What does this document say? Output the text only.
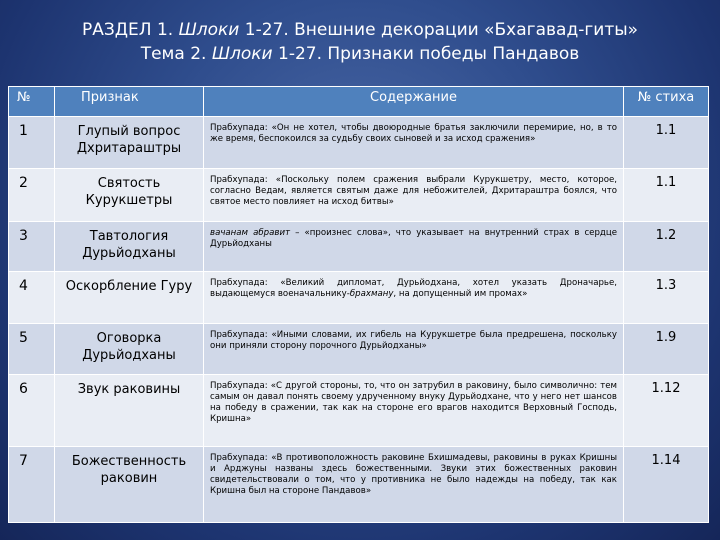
РАЗДЕЛ 1. Шлоки 1-27. Внешние декорации «Бхагавад-гиты»
Тема 2. Шлоки 1-27. Признаки победы Пандавов
№	Признак	Содержание	№ стиха
1	Глупый вопрос Дхритараштры	Прабхупада: «Он не хотел, чтобы двоюродные братья заключили перемирие, но, в то же время, беспокоился за судьбу своих сыновей и за исход сражения»	1.1
2	Святость Курукшетры	Прабхупада: «Поскольку полем сражения выбрали Курукшетру, место, которое, согласно Ведам, является святым даже для небожителей, Дхритараштра боялся, что святое место повлияет на исход битвы»	1.1
3	Тавтология Дурьйодханы	вачанам абравит – «произнес слова», что указывает на внутренний страх в сердце Дурьйодханы	1.2
4	Оскорбление Гуру	Прабхупада: «Великий дипломат, Дурьйодхана, хотел указать Дроначарье, выдающемуся военачальнику-брахману, на допущенный им промах»	1.3
5	Оговорка Дурьйодханы	Прабхупада: «Иными словами, их гибель на Курукшетре была предрешена, поскольку они приняли сторону порочного Дурьйодханы»	1.9
6	Звук раковины	Прабхупада: «С другой стороны, то, что он затрубил в раковину, было символично: тем самым он давал понять своему удрученному внуку Дурьйодхане, что у него нет шансов на победу в сражении, так как на стороне его врагов находится Верховный Господь, Кришна»	1.12
7	Божественность раковин	Прабхупада: «В противоположность раковине Бхишмадевы, раковины в руках Кришны и Арджуны названы здесь божественными. Звуки этих божественных раковин свидетельствовали о том, что у противника не было надежды на победу, так как Кришна был на стороне Пандавов»	1.14
